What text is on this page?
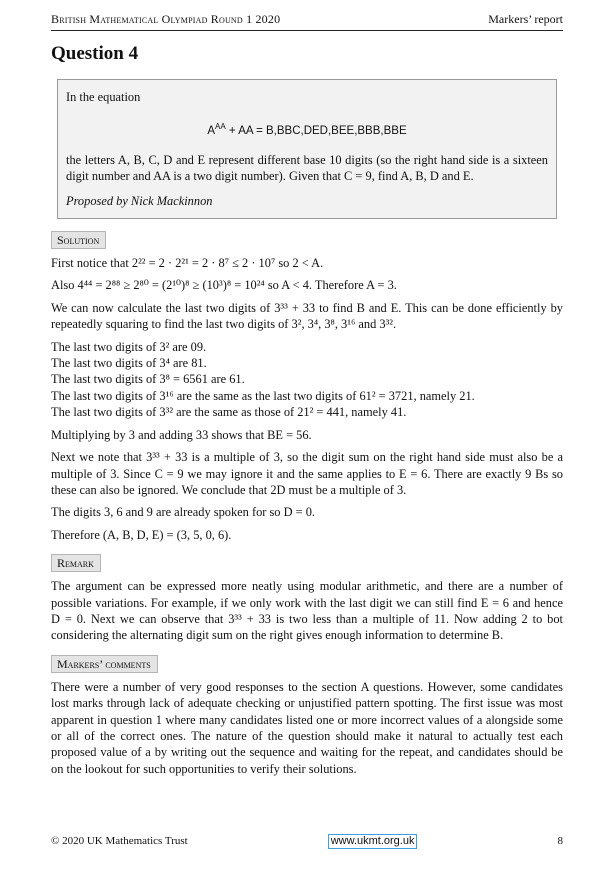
British Mathematical Olympiad Round 1 2020	Markers’ report
Question 4

In the equation

$A^{AA}$ + AA = B,BBC,DED,BEE,BBB,BBE

the letters A, B, C, D and E represent different base 10 digits (so the right hand side is a sixteen digit number and AA is a two digit number). Given that C = 9, find A, B, D and E.

Proposed by Nick Mackinnon

Solution

First notice that 2²² = 2 · 2²¹ = 2 · 8⁷ ≤ 2 · 10⁷ so 2 < A.

Also 4⁴⁴ = 2⁸⁸ ≥ 2⁸⁰ = (2¹⁰)⁸ ≥ (10³)⁸ = 10²⁴ so A < 4. Therefore A = 3.

We can now calculate the last two digits of 3³³ + 33 to find B and E. This can be done efficiently by repeatedly squaring to find the last two digits of 3², 3⁴, 3⁸, 3¹⁶ and 3³².

The last two digits of 3² are 09.
The last two digits of 3⁴ are 81.
The last two digits of 3⁸ = 6561 are 61.
The last two digits of 3¹⁶ are the same as the last two digits of 61² = 3721, namely 21.
The last two digits of 3³² are the same as those of 21² = 441, namely 41.

Multiplying by 3 and adding 33 shows that BE = 56.

Next we note that 3³³ + 33 is a multiple of 3, so the digit sum on the right hand side must also be a multiple of 3. Since C = 9 we may ignore it and the same applies to E = 6. There are exactly 9 Bs so these can also be ignored. We conclude that 2D must be a multiple of 3.

The digits 3, 6 and 9 are already spoken for so D = 0.

Therefore (A, B, D, E) = (3, 5, 0, 6).

Remark

The argument can be expressed more neatly using modular arithmetic, and there are a number of possible variations. For example, if we only work with the last digit we can still find E = 6 and hence D = 0. Next we can observe that 3³³ + 33 is two less than a multiple of 11. Now adding 2 to bot considering the alternating digit sum on the right gives enough information to determine B.

Markers’ comments

There were a number of very good responses to the section A questions. However, some candidates lost marks through lack of adequate checking or unjustified pattern spotting. The first issue was most apparent in question 1 where many candidates listed one or more incorrect values of a alongside some or all of the correct ones. The nature of the question should make it natural to actually test each proposed value of a by writing out the sequence and waiting for the repeat, and candidates should be on the lookout for such opportunities to verify their solutions.

© 2020 UK Mathematics Trust	www.ukmt.org.uk	8
